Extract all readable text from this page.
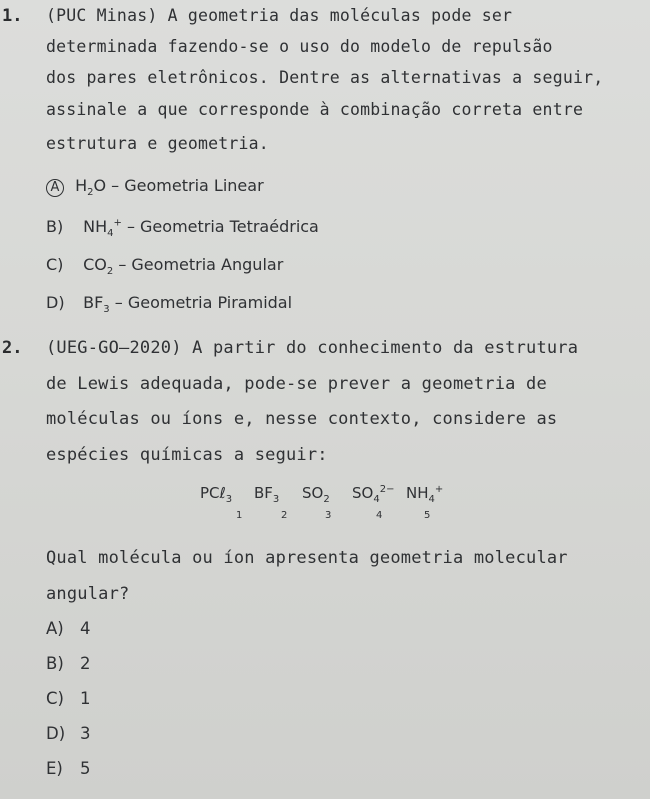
1. (PUC Minas) A geometria das moléculas pode ser
determinada fazendo-se o uso do modelo de repulsão
dos pares eletrônicos. Dentre as alternativas a seguir,
assinale a que corresponde à combinação correta entre
estrutura e geometria.
A $H_2O$ – Geometria Linear
B) $NH_4^+$ – Geometria Tetraédrica
C) $CO_2$ – Geometria Angular
D) $BF_3$ – Geometria Piramidal
2. (UEG-GO–2020) A partir do conhecimento da estrutura
de Lewis adequada, pode-se prever a geometria de
moléculas ou íons e, nesse contexto, considere as
espécies químicas a seguir:
PCℓ$_3$
1
$BF_3$
2
$SO_2$
3
$SO_4^{2-}$
4
$NH_4^+$
5
Qual molécula ou íon apresenta geometria molecular
angular?
A) 4
B) 2
C) 1
D) 3
E) 5
